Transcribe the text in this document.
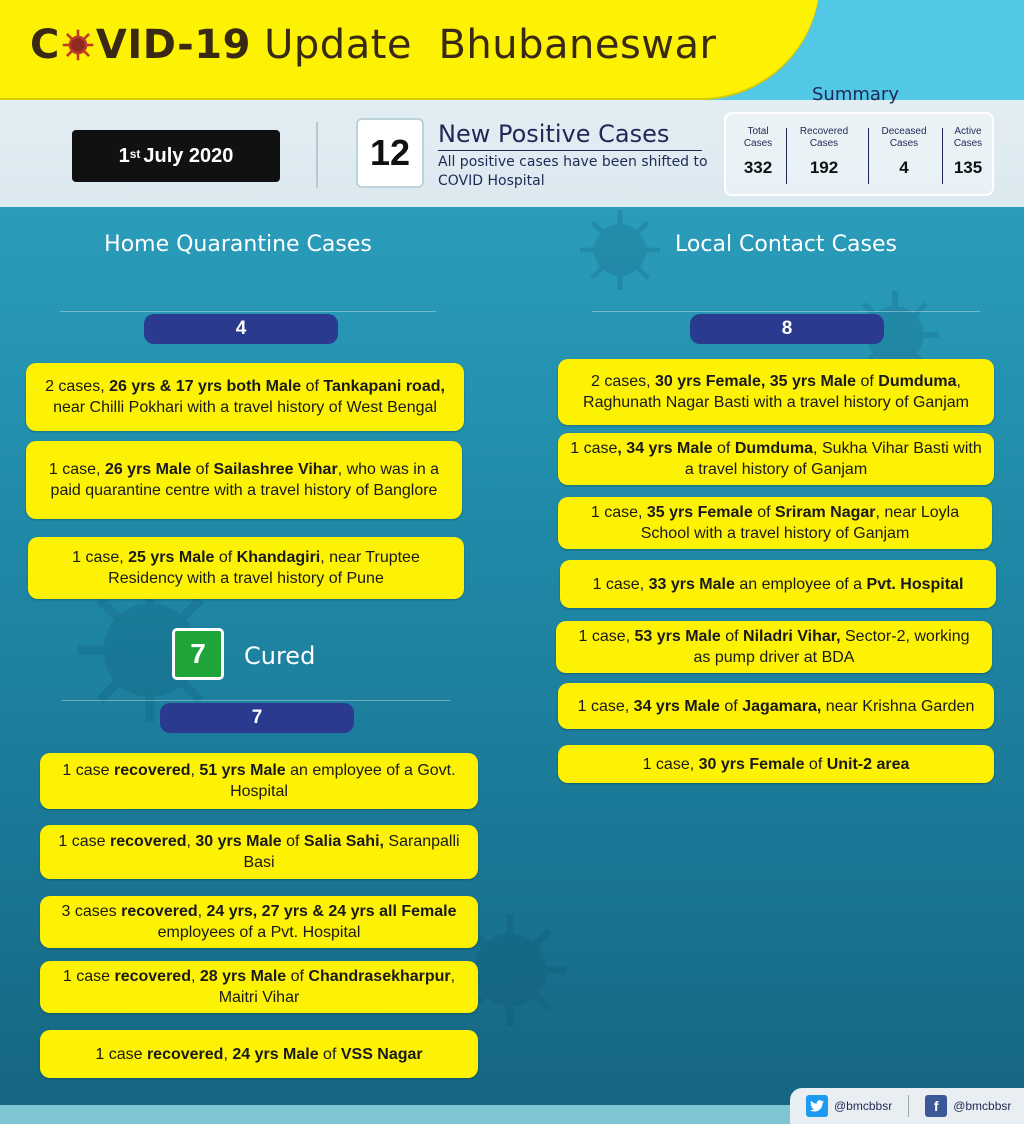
C VID-19 Update Bhubaneswar
1st July 2020	12	New Positive Cases
All positive cases have been shifted to COVID Hospital
Summary
Total Cases
332
Recovered Cases
192
Deceased Cases
4
Active Cases
135
Home Quarantine Cases
4
2 cases, 26 yrs & 17 yrs both Male of Tankapani road, near Chilli Pokhari with a travel history of West Bengal
1 case, 26 yrs Male of Sailashree Vihar, who was in a paid quarantine centre with a travel history of Banglore
1 case, 25 yrs Male of Khandagiri, near Truptee Residency with a travel history of Pune
7	Cured
7
1 case recovered, 51 yrs Male an employee of a Govt. Hospital
1 case recovered, 30 yrs Male of Salia Sahi, Saranpalli Basi
3 cases recovered, 24 yrs, 27 yrs & 24 yrs all Female employees of a Pvt. Hospital
1 case recovered, 28 yrs Male of Chandrasekharpur, Maitri Vihar
1 case recovered, 24 yrs Male of VSS Nagar
Local Contact Cases
8
2 cases, 30 yrs Female, 35 yrs Male of Dumduma, Raghunath Nagar Basti with a travel history of Ganjam
1 case, 34 yrs Male of Dumduma, Sukha Vihar Basti with a travel history of Ganjam
1 case, 35 yrs Female of Sriram Nagar, near Loyla School with a travel history of Ganjam
1 case, 33 yrs Male an employee of a Pvt. Hospital
1 case, 53 yrs Male of Niladri Vihar, Sector-2, working as pump driver at BDA
1 case, 34 yrs Male of Jagamara, near Krishna Garden
1 case, 30 yrs Female of Unit-2 area
@bmcbbsr	f	@bmcbbsr
